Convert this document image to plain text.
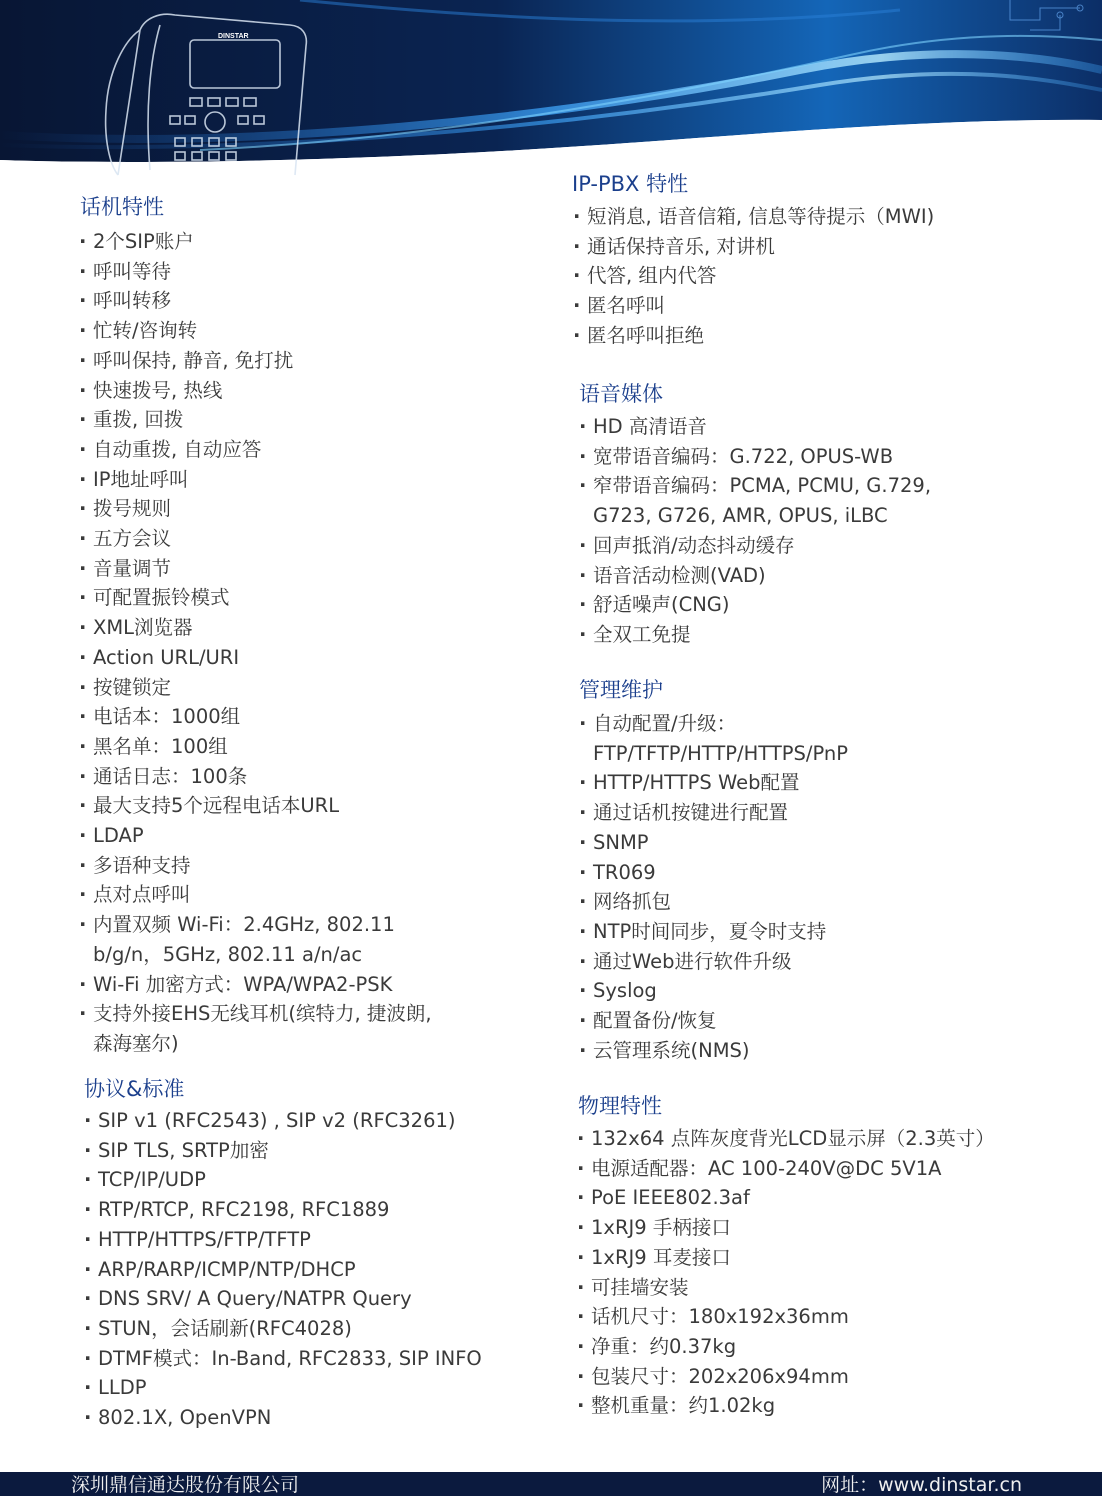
DINSTAR
话机特性
· 2个SIP账户
· 呼叫等待
· 呼叫转移
· 忙转/咨询转
· 呼叫保持, 静音, 免打扰
· 快速拨号, 热线
· 重拨, 回拨
· 自动重拨, 自动应答
· IP地址呼叫
· 拨号规则
· 五方会议
· 音量调节
· 可配置振铃模式
· XML浏览器
· Action URL/URI
· 按键锁定
· 电话本：1000组
· 黑名单：100组
· 通话日志：100条
· 最大支持5个远程电话本URL
· LDAP
· 多语种支持
· 点对点呼叫
· 内置双频 Wi-Fi：2.4GHz, 802.11
b/g/n，5GHz, 802.11 a/n/ac
· Wi-Fi 加密方式：WPA/WPA2-PSK
· 支持外接EHS无线耳机(缤特力, 捷波朗,
森海塞尔)
协议&标准
· SIP v1 (RFC2543) , SIP v2 (RFC3261)
· SIP TLS, SRTP加密
· TCP/IP/UDP
· RTP/RTCP, RFC2198, RFC1889
· HTTP/HTTPS/FTP/TFTP
· ARP/RARP/ICMP/NTP/DHCP
· DNS SRV/ A Query/NATPR Query
· STUN，会话刷新(RFC4028)
· DTMF模式：In-Band, RFC2833, SIP INFO
· LLDP
· 802.1X, OpenVPN
IP-PBX 特性
· 短消息, 语音信箱, 信息等待提示（MWI)
· 通话保持音乐, 对讲机
· 代答, 组内代答
· 匿名呼叫
· 匿名呼叫拒绝
语音媒体
· HD 高清语音
· 宽带语音编码：G.722, OPUS-WB
· 窄带语音编码：PCMA, PCMU, G.729,
G723, G726, AMR, OPUS, iLBC
· 回声抵消/动态抖动缓存
· 语音活动检测(VAD)
· 舒适噪声(CNG)
· 全双工免提
管理维护
· 自动配置/升级：
FTP/TFTP/HTTP/HTTPS/PnP
· HTTP/HTTPS Web配置
· 通过话机按键进行配置
· SNMP
· TR069
· 网络抓包
· NTP时间同步，夏令时支持
· 通过Web进行软件升级
· Syslog
· 配置备份/恢复
· 云管理系统(NMS)
物理特性
· 132x64 点阵灰度背光LCD显示屏（2.3英寸）
· 电源适配器：AC 100-240V@DC 5V1A
· PoE IEEE802.3af
· 1xRJ9 手柄接口
· 1xRJ9 耳麦接口
· 可挂墙安装
· 话机尺寸：180x192x36mm
· 净重：约0.37kg
· 包装尺寸：202x206x94mm
· 整机重量：约1.02kg
深圳鼎信通达股份有限公司	网址：www.dinstar.cn
